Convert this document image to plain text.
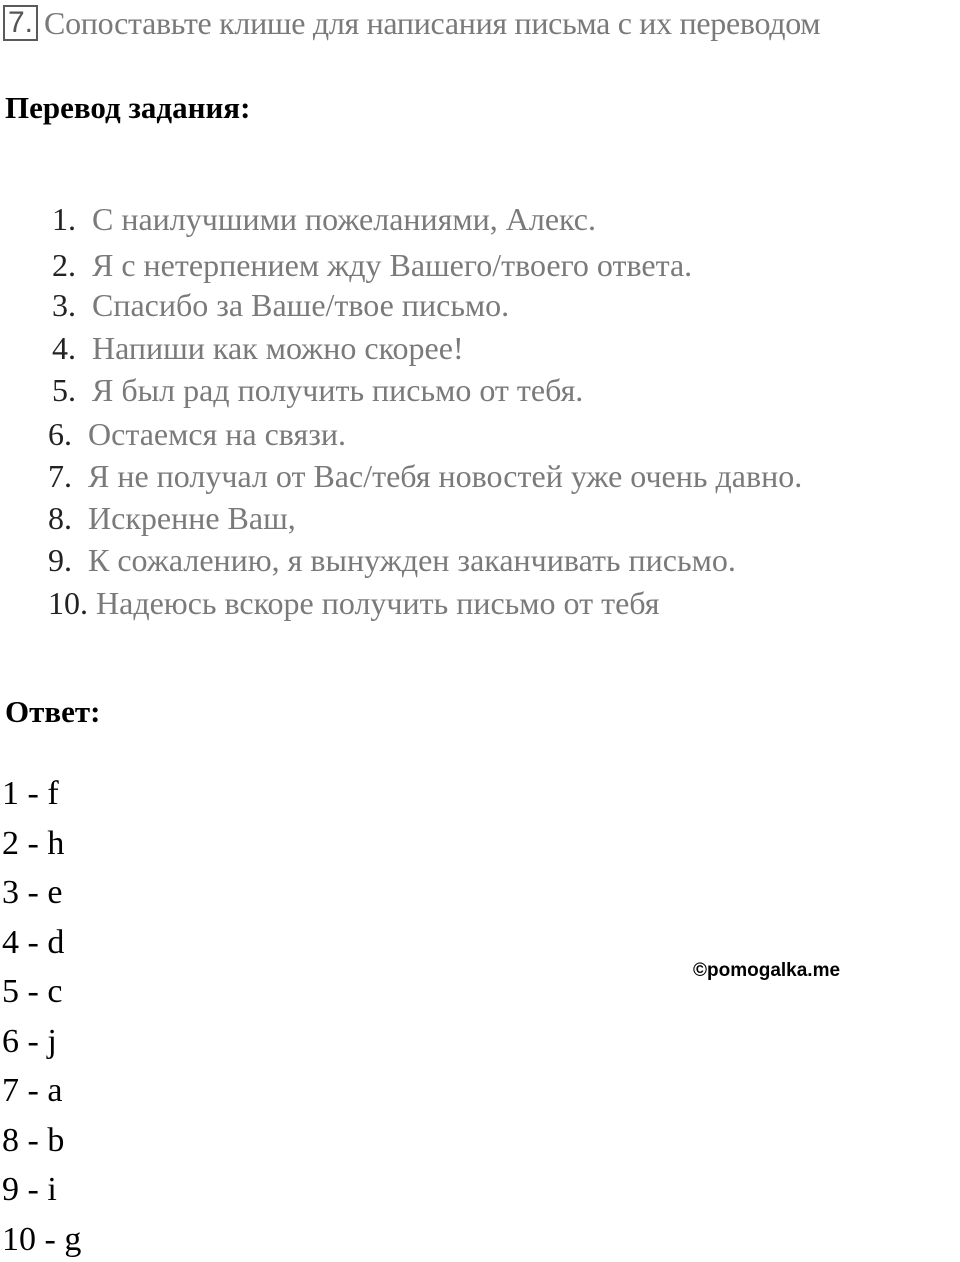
7. Сопоставьте клише для написания письма с их переводом
Перевод задания:
1. С наилучшими пожеланиями, Алекс.
2.  Я с нетерпением жду Вашего/твоего ответа.
3. Спасибо за Ваше/твое письмо.
4. Напиши как можно скорее!
5. Я был рад получить письмо от тебя.
6. Остаемся на связи.
7. Я не получал от Вас/тебя новостей уже очень давно.
8. Искренне Ваш,
9. К сожалению, я вынужден заканчивать письмо.
10. Надеюсь вскоре получить письмо от тебя
Ответ:
1 - f
2 - h
3 - e
4 - d
5 - c
6 - j
7 - a
8 - b
9 - i
10 - g
©pomogalka.me
